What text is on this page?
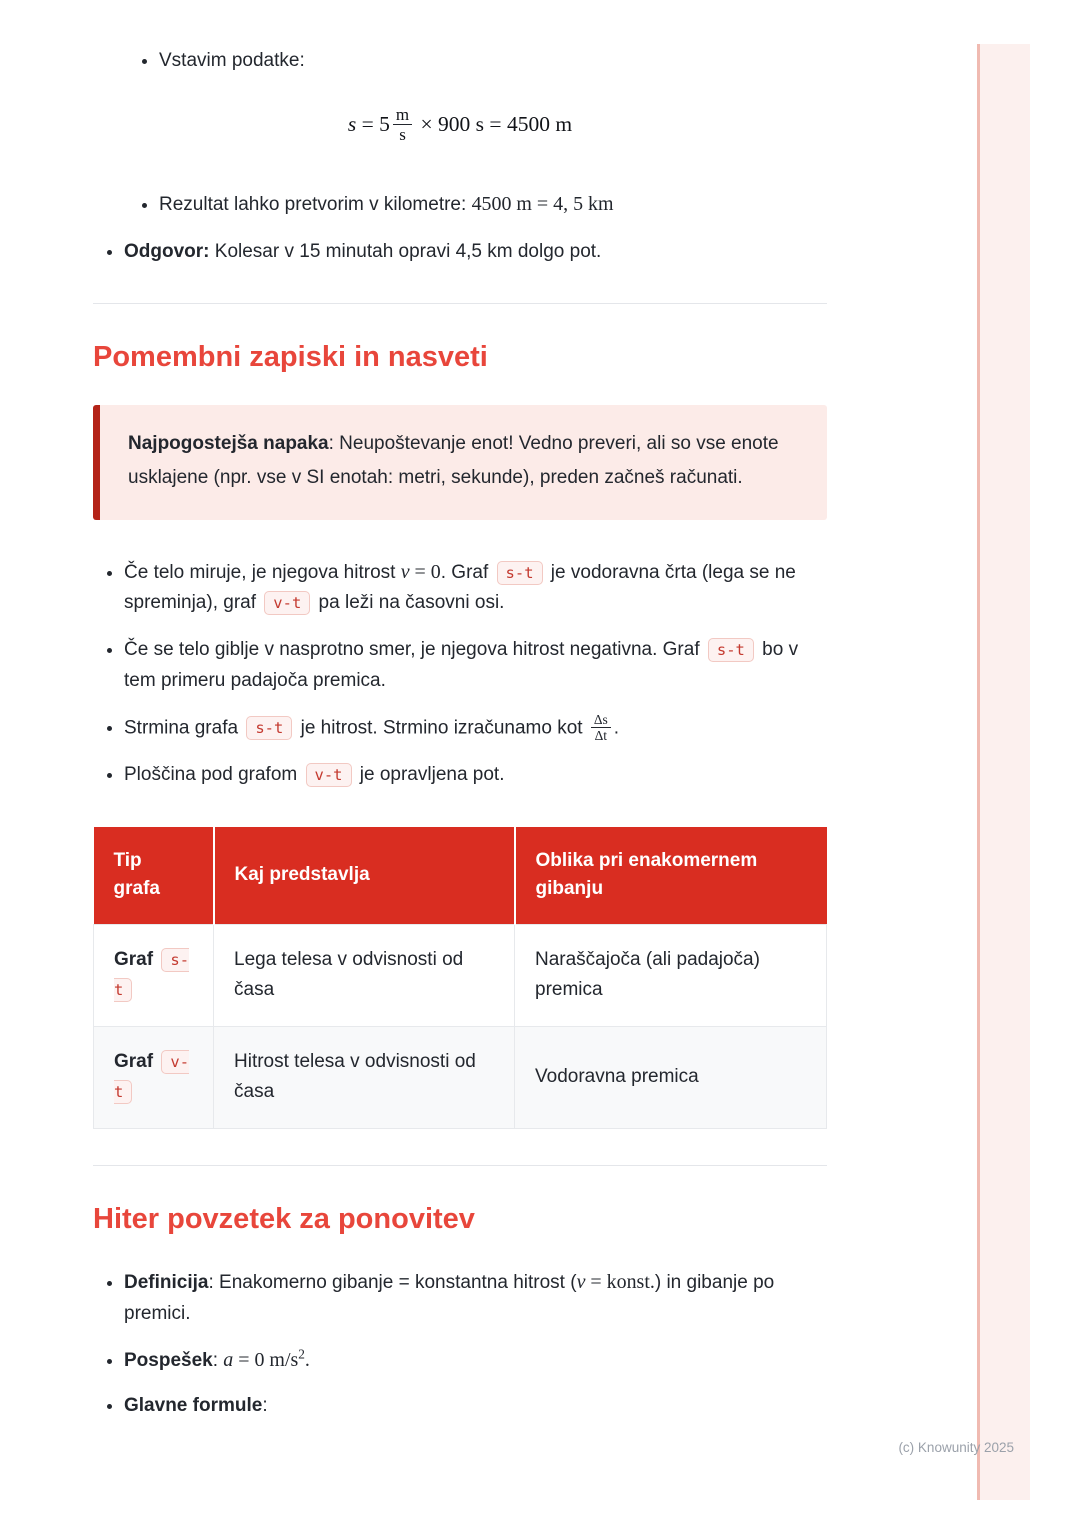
• Vstavim podatke:
$s = 5 \frac{m}{s} \times 900$ s = 4500 m
• Rezultat lahko pretvorim v kilometre: 4500 m = 4, 5 km
• Odgovor: Kolesar v 15 minutah opravi 4,5 km dolgo pot.
Pomembni zapiski in nasveti
Najpogostejša napaka: Neupoštevanje enot! Vedno preveri, ali so vse enote usklajene (npr. vse v SI enotah: metri, sekunde), preden začneš računati.
• Če telo miruje, je njegova hitrost v = 0. Graf s-t je vodoravna črta (lega se ne spreminja), graf v-t pa leži na časovni osi.
• Če se telo giblje v nasprotno smer, je njegova hitrost negativna. Graf s-t bo v tem primeru padajoča premica.
• Strmina grafa s-t je hitrost. Strmino izračunamo kot $\frac{\Delta s}{\Delta t}$ .
• Ploščina pod grafom v-t je opravljena pot.
Tip grafa	Kaj predstavlja	Oblika pri enakomernem gibanju
Graf s-t	Lega telesa v odvisnosti od časa	Naraščajoča (ali padajoča) premica
Graf v-t	Hitrost telesa v odvisnosti od časa	Vodoravna premica
Hiter povzetek za ponovitev
• Definicija: Enakomerno gibanje = konstantna hitrost (v = konst.) in gibanje po premici.
• Pospešek: a = 0 $m/s^2$.
• Glavne formule:
(c) Knowunity 2025
